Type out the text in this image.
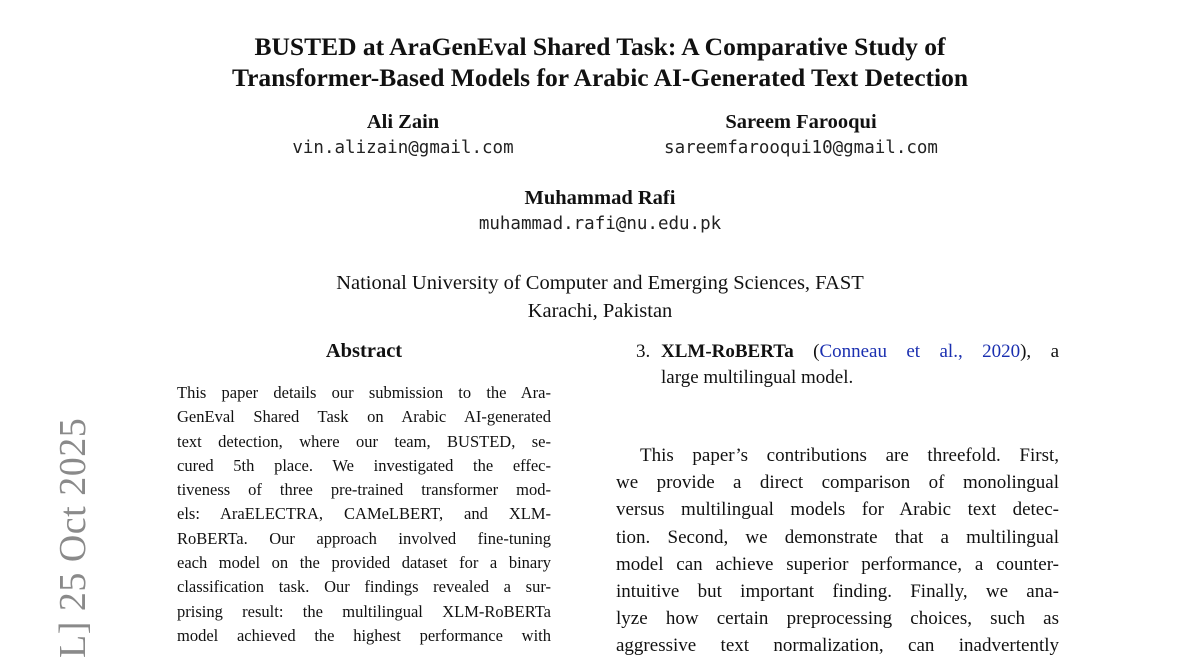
L] 25 Oct 2025
BUSTED at AraGenEval Shared Task: A Comparative Study of
Transformer-Based Models for Arabic AI-Generated Text Detection
Ali Zain
vin.alizain@gmail.com
Sareem Farooqui
sareemfarooqui10@gmail.com
Muhammad Rafi
muhammad.rafi@nu.edu.pk
National University of Computer and Emerging Sciences, FAST
Karachi, Pakistan
Abstract
This paper details our submission to the Ara-
GenEval Shared Task on Arabic AI-generated
text detection, where our team, BUSTED, se-
cured 5th place. We investigated the effec-
tiveness of three pre-trained transformer mod-
els: AraELECTRA, CAMeLBERT, and XLM-
RoBERTa. Our approach involved fine-tuning
each model on the provided dataset for a binary
classification task. Our findings revealed a sur-
prising result: the multilingual XLM-RoBERTa
model achieved the highest performance with
3. XLM-RoBERTa (Conneau et al., 2020), a
large multilingual model.
This paper’s contributions are threefold. First,
we provide a direct comparison of monolingual
versus multilingual models for Arabic text detec-
tion. Second, we demonstrate that a multilingual
model can achieve superior performance, a counter-
intuitive but important finding. Finally, we ana-
lyze how certain preprocessing choices, such as
aggressive text normalization, can inadvertently
